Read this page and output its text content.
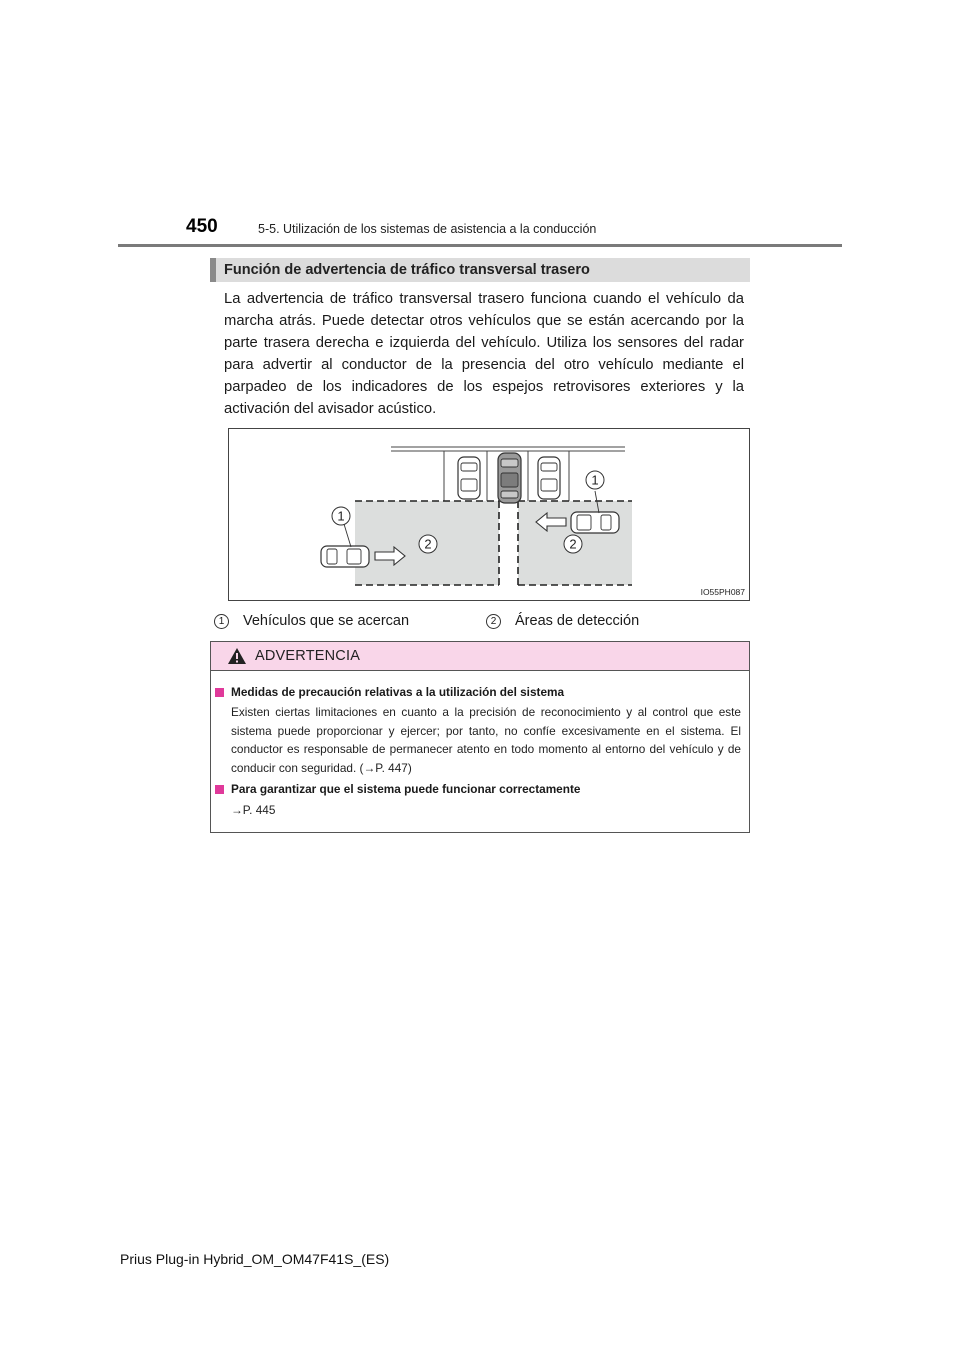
450	5-5. Utilización de los sistemas de asistencia a la conducción
Función de advertencia de tráfico transversal trasero
La advertencia de tráfico transversal trasero funciona cuando el vehículo da marcha atrás. Puede detectar otros vehículos que se están acercando por la parte trasera derecha e izquierda del vehículo. Utiliza los sensores del radar para advertir al conductor de la presencia del otro vehículo mediante el parpadeo de los indicadores de los espejos retrovisores exteriores y la activación del avisador acústico.
1
2
1
2
IO55PH087
1	Vehículos que se acercan	2	Áreas de detección
ADVERTENCIA
Medidas de precaución relativas a la utilización del sistema
Existen ciertas limitaciones en cuanto a la precisión de reconocimiento y al control que este sistema puede proporcionar y ejercer; por tanto, no confíe excesivamente en el sistema. El conductor es responsable de permanecer atento en todo momento al entorno del vehículo y de conducir con seguridad. (→P. 447)
Para garantizar que el sistema puede funcionar correctamente
→P. 445
Prius Plug-in Hybrid_OM_OM47F41S_(ES)
